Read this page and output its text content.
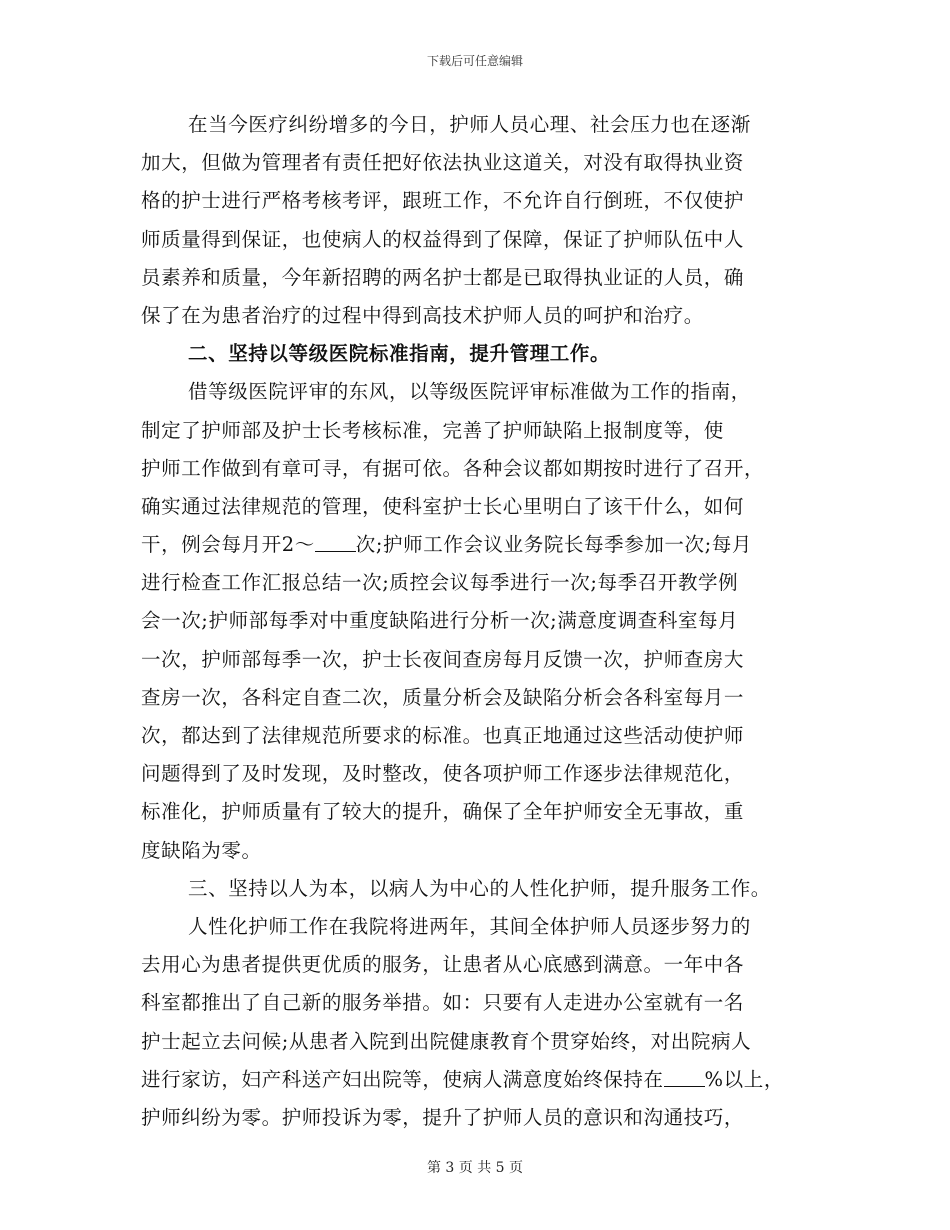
下载后可任意编辑
在当今医疗纠纷增多的今日，护师人员心理、社会压力也在逐渐
加大，但做为管理者有责任把好依法执业这道关，对没有取得执业资
格的护士进行严格考核考评，跟班工作，不允许自行倒班，不仅使护
师质量得到保证，也使病人的权益得到了保障，保证了护师队伍中人
员素养和质量，今年新招聘的两名护士都是已取得执业证的人员，确
保了在为患者治疗的过程中得到高技术护师人员的呵护和治疗。
二、坚持以等级医院标准指南，提升管理工作。
借等级医院评审的东风，以等级医院评审标准做为工作的指南，
制定了护师部及护士长考核标准，完善了护师缺陷上报制度等，使
护师工作做到有章可寻，有据可依。各种会议都如期按时进行了召开，
确实通过法律规范的管理，使科室护士长心里明白了该干什么，如何
干，例会每月开2～ 次;护师工作会议业务院长每季参加一次;每月
进行检查工作汇报总结一次;质控会议每季进行一次;每季召开教学例
会一次;护师部每季对中重度缺陷进行分析一次;满意度调查科室每月
一次，护师部每季一次，护士长夜间查房每月反馈一次，护师查房大
查房一次，各科定自查二次，质量分析会及缺陷分析会各科室每月一
次，都达到了法律规范所要求的标准。也真正地通过这些活动使护师
问题得到了及时发现，及时整改，使各项护师工作逐步法律规范化，
标准化，护师质量有了较大的提升，确保了全年护师安全无事故，重
度缺陷为零。
三、坚持以人为本，以病人为中心的人性化护师，提升服务工作。
人性化护师工作在我院将进两年，其间全体护师人员逐步努力的
去用心为患者提供更优质的服务，让患者从心底感到满意。一年中各
科室都推出了自己新的服务举措。如：只要有人走进办公室就有一名
护士起立去问候;从患者入院到出院健康教育个贯穿始终，对出院病人
进行家访，妇产科送产妇出院等，使病人满意度始终保持在 %以上，
护师纠纷为零。护师投诉为零，提升了护师人员的意识和沟通技巧，
第 3 页 共 5 页
